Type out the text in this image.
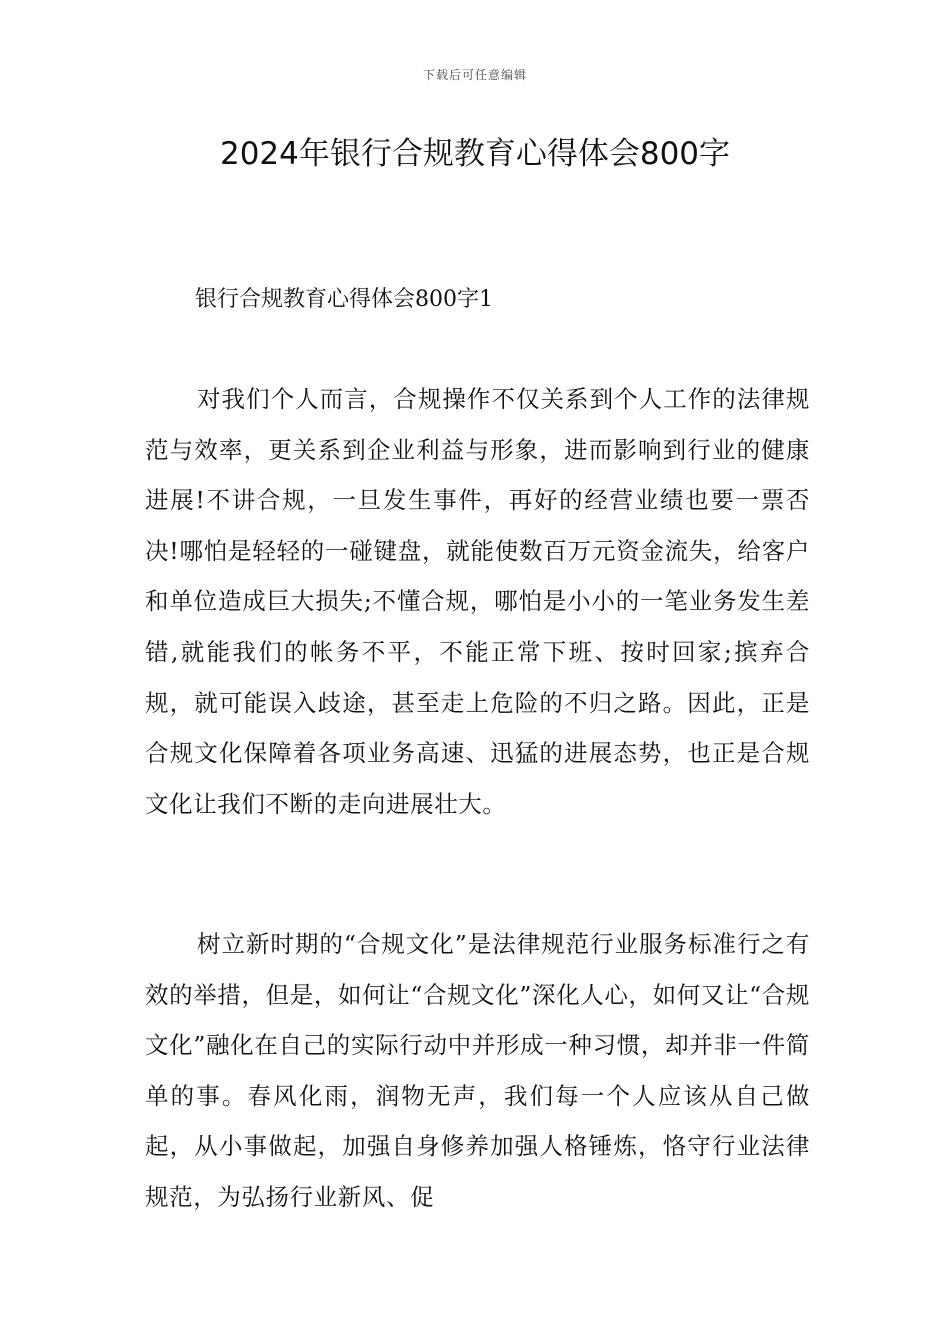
下载后可任意编辑
2024年银行合规教育心得体会800字
银行合规教育心得体会800字1

对我们个人而言，合规操作不仅关系到个人工作的法律规范与效率，更关系到企业利益与形象，进而影响到行业的健康进展!不讲合规，一旦发生事件，再好的经营业绩也要一票否决!哪怕是轻轻的一碰键盘，就能使数百万元资金流失，给客户和单位造成巨大损失;不懂合规，哪怕是小小的一笔业务发生差错,就能我们的帐务不平，不能正常下班、按时回家;摈弃合规，就可能误入歧途，甚至走上危险的不归之路。因此，正是合规文化保障着各项业务高速、迅猛的进展态势，也正是合规文化让我们不断的走向进展壮大。

树立新时期的“合规文化”是法律规范行业服务标准行之有效的举措，但是，如何让“合规文化”深化人心，如何又让“合规文化”融化在自己的实际行动中并形成一种习惯，却并非一件简单的事。春风化雨，润物无声，我们每一个人应该从自己做起，从小事做起，加强自身修养加强人格锤炼，恪守行业法律规范，为弘扬行业新风、促
